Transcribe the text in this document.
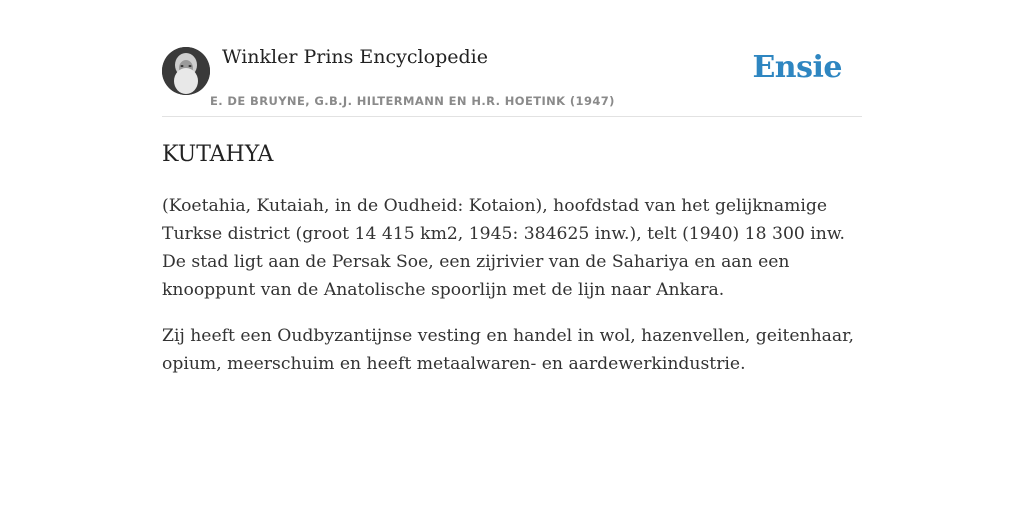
Winkler Prins Encyclopedie
E. DE BRUYNE, G.B.J. HILTERMANN EN H.R. HOETINK (1947)
Ensie
KUTAHYA

(Koetahia, Kutaiah, in de Oudheid: Kotaion), hoofdstad van het gelijknamige Turkse district (groot 14 415 km2, 1945: 384625 inw.), telt (1940) 18 300 inw. De stad ligt aan de Persak Soe, een zijrivier van de Sahariya en aan een knooppunt van de Anatolische spoorlijn met de lijn naar Ankara.

Zij heeft een Oudbyzantijnse vesting en handel in wol, hazenvellen, geitenhaar, opium, meerschuim en heeft metaalwaren- en aardewerkindustrie.
